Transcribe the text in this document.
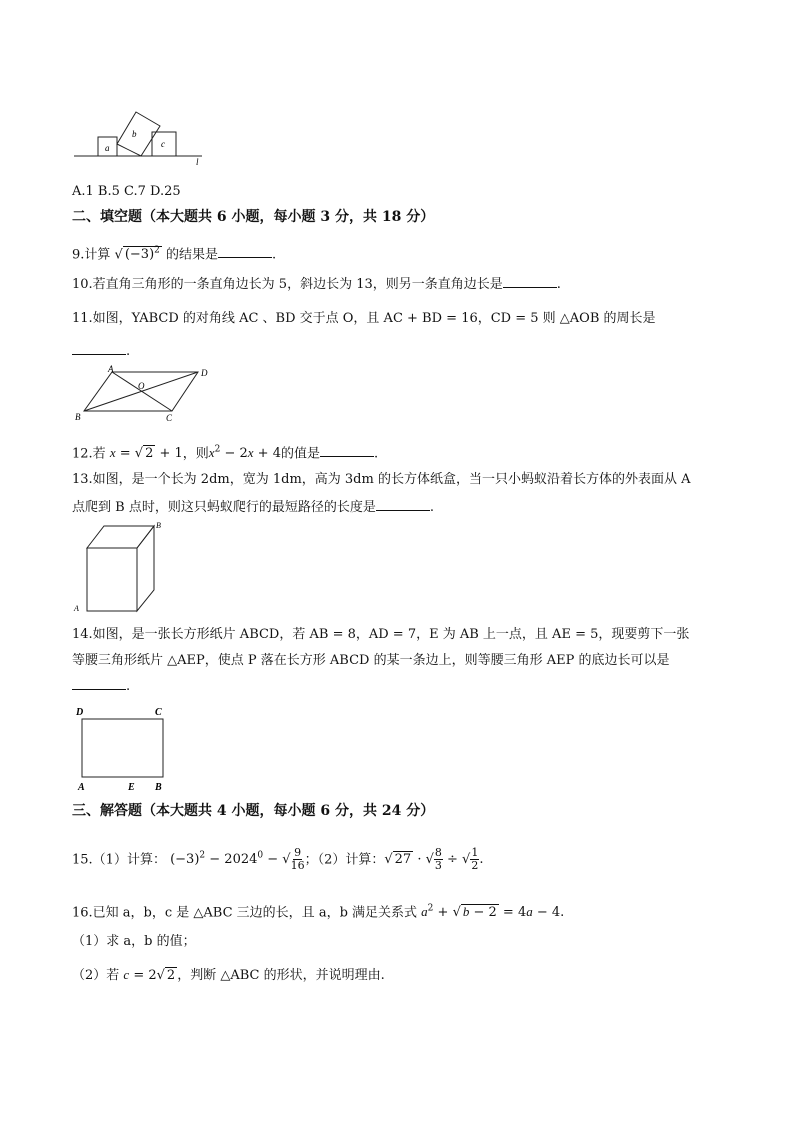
a
b
c
l
A.1 B.5 C.7 D.25
二、填空题（本大题共 6 小题，每小题 3 分，共 18 分）
9.计算 √ $(-3)^2$ 的结果是	.
10.若直角三角形的一条直角边长为 5，斜边长为 13，则另一条直角边长是	.
11.如图，YABCD 的对角线 AC 、BD 交于点 O，且 AC + BD = 16，CD = 5 则 △AOB 的周长是
.
A	D
B	C
O
12.若 x = √ 2 + 1，则$x^2 - 2x + 4$的值是	.
13.如图，是一个长为 2dm，宽为 1dm，高为 3dm 的长方体纸盒，当一只小蚂蚁沿着长方体的外表面从 A
点爬到 B 点时，则这只蚂蚁爬行的最短路径的长度是	.
B
A
14.如图，是一张长方形纸片 ABCD，若 AB = 8，AD = 7，E 为 AB 上一点，且 AE = 5，现要剪下一张
等腰三角形纸片 △AEP，使点 P 落在长方形 ABCD 的某一条边上，则等腰三角形 AEP 的底边长可以是
.
D	C
A	E B
三、解答题（本大题共 4 小题，每小题 6 分，共 24 分）
15.（1）计算： $(-3)^2 - 2024^0$ − √ $\frac{9}{16}$ ；（2）计算：√ 27 · √ $\frac{8}{3}$ ÷ √ $\frac{1}{2}$ .
16.已知 a，b，c 是 △ABC 三边的长，且 a，b 满足关系式 $a^2$ + √ b − 2 = 4a − 4.
（1）求 a，b 的值；
（2）若 c = 2√ 2 ，判断 △ABC 的形状，并说明理由.
